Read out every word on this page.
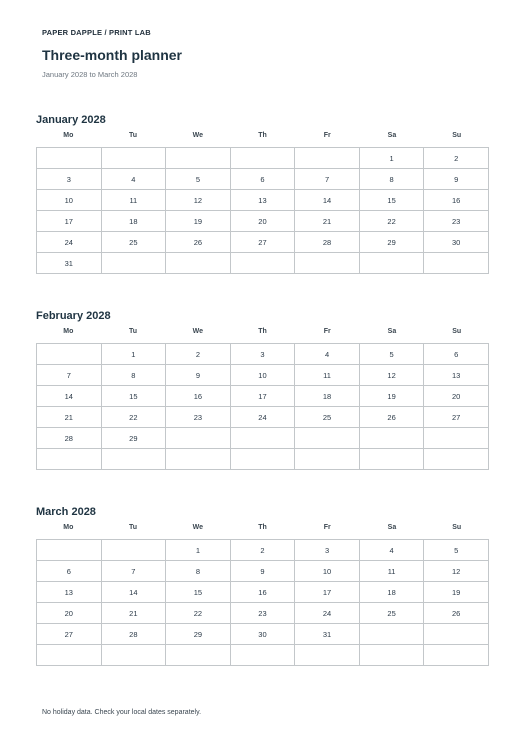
PAPER DAPPLE / PRINT LAB
Three-month planner
January 2028 to March 2028
January 2028
Mo	Tu	We	Th	Fr	Sa	Su
					1	2
3	4	5	6	7	8	9
10	11	12	13	14	15	16
17	18	19	20	21	22	23
24	25	26	27	28	29	30
31						
February 2028
Mo	Tu	We	Th	Fr	Sa	Su
	1	2	3	4	5	6
7	8	9	10	11	12	13
14	15	16	17	18	19	20
21	22	23	24	25	26	27
28	29					

March 2028
Mo	Tu	We	Th	Fr	Sa	Su
		1	2	3	4	5
6	7	8	9	10	11	12
13	14	15	16	17	18	19
20	21	22	23	24	25	26
27	28	29	30	31		

No holiday data. Check your local dates separately.
